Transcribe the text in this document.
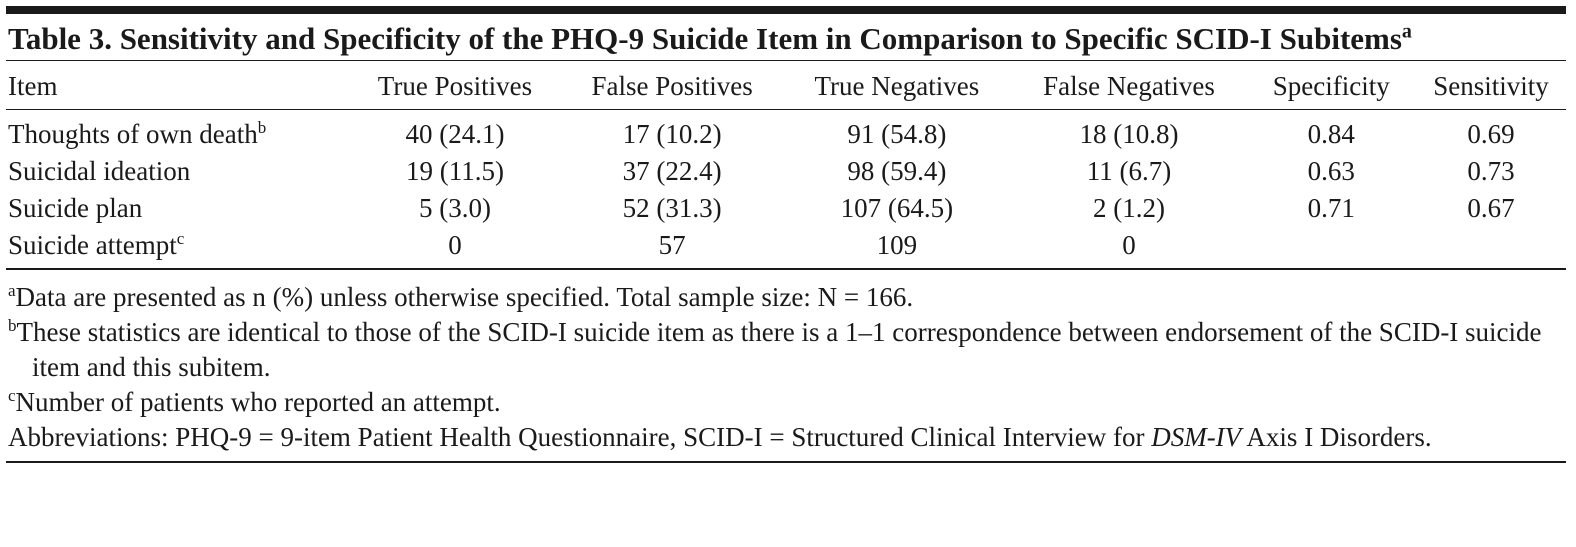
Table 3. Sensitivity and Specificity of the PHQ-9 Suicide Item in Comparison to Specific SCID-I Subitems$^a$
Item	True Positives	False Positives	True Negatives	False Negatives	Specificity	Sensitivity
Thoughts of own death$^b$	40 (24.1)	17 (10.2)	91 (54.8)	18 (10.8)	0.84	0.69
Suicidal ideation	19 (11.5)	37 (22.4)	98 (59.4)	11 (6.7)	0.63	0.73
Suicide plan	5 (3.0)	52 (31.3)	107 (64.5)	2 (1.2)	0.71	0.67
Suicide attempt$^c$	0	57	109	0		
$^a$Data are presented as n (%) unless otherwise specified. Total sample size: N = 166.
$^b$These statistics are identical to those of the SCID-I suicide item as there is a 1–1 correspondence between endorsement of the SCID-I suicide item and this subitem.
$^c$Number of patients who reported an attempt.
Abbreviations: PHQ-9 = 9-item Patient Health Questionnaire, SCID-I = Structured Clinical Interview for DSM-IV Axis I Disorders.
